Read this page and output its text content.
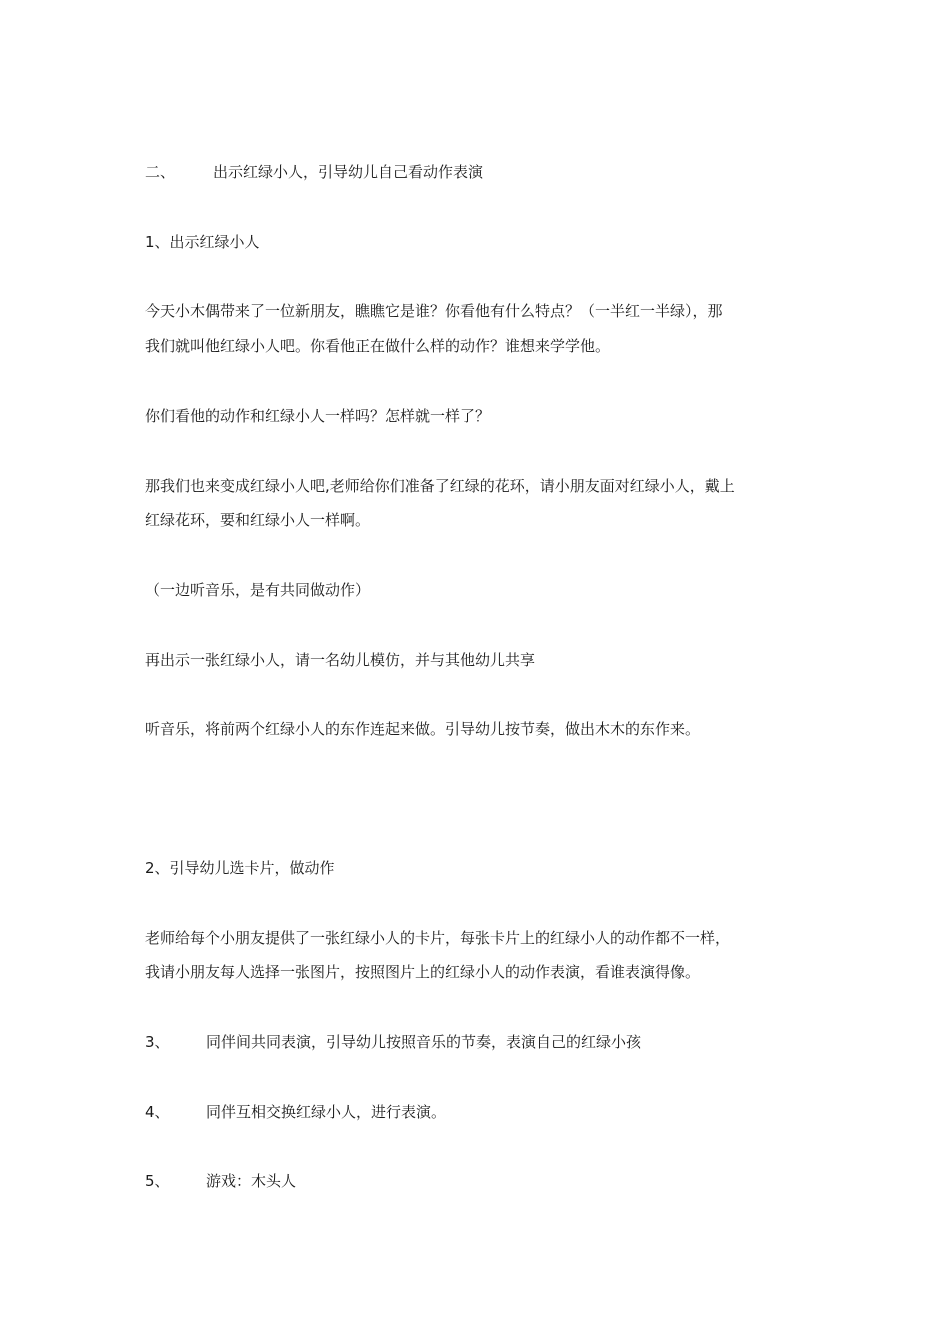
二、	出示红绿小人，引导幼儿自己看动作表演
1、出示红绿小人
今天小木偶带来了一位新朋友，瞧瞧它是谁？你看他有什么特点？（一半红一半绿），那
我们就叫他红绿小人吧。你看他正在做什么样的动作？谁想来学学他。
你们看他的动作和红绿小人一样吗？怎样就一样了？
那我们也来变成红绿小人吧,老师给你们准备了红绿的花环，请小朋友面对红绿小人，戴上
红绿花环，要和红绿小人一样啊。
（一边听音乐，是有共同做动作）
再出示一张红绿小人，请一名幼儿模仿，并与其他幼儿共享
听音乐，将前两个红绿小人的东作连起来做。引导幼儿按节奏，做出木木的东作来。
2、引导幼儿选卡片，做动作
老师给每个小朋友提供了一张红绿小人的卡片，每张卡片上的红绿小人的动作都不一样，
我请小朋友每人选择一张图片，按照图片上的红绿小人的动作表演，看谁表演得像。
3、 同伴间共同表演，引导幼儿按照音乐的节奏，表演自己的红绿小孩
4、 同伴互相交换红绿小人，进行表演。
5、 游戏：木头人
